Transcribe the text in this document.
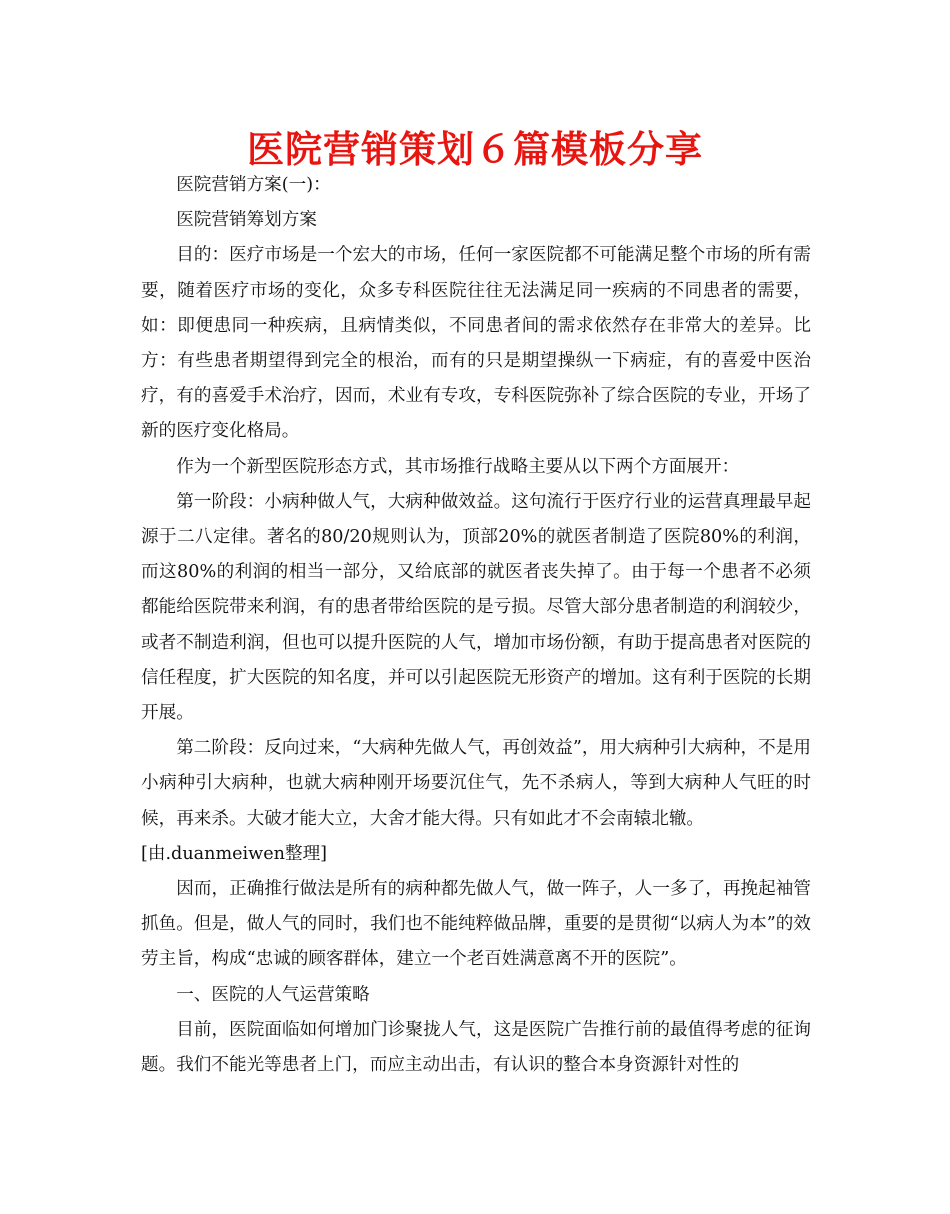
医院营销策划６篇模板分享

医院营销方案(一)：

医院营销筹划方案

目的：医疗市场是一个宏大的市场，任何一家医院都不可能满足整个市场的所有需要，随着医疗市场的变化，众多专科医院往往无法满足同一疾病的不同患者的需要，如：即便患同一种疾病，且病情类似，不同患者间的需求依然存在非常大的差异。比方：有些患者期望得到完全的根治，而有的只是期望操纵一下病症，有的喜爱中医治疗，有的喜爱手术治疗，因而，术业有专攻，专科医院弥补了综合医院的专业，开场了新的医疗变化格局。

作为一个新型医院形态方式，其市场推行战略主要从以下两个方面展开：

第一阶段：小病种做人气，大病种做效益。这句流行于医疗行业的运营真理最早起源于二八定律。著名的80/20规则认为，顶部20%的就医者制造了医院80%的利润，而这80%的利润的相当一部分，又给底部的就医者丧失掉了。由于每一个患者不必须都能给医院带来利润，有的患者带给医院的是亏损。尽管大部分患者制造的利润较少，或者不制造利润，但也可以提升医院的人气，增加市场份额，有助于提高患者对医院的信任程度，扩大医院的知名度，并可以引起医院无形资产的增加。这有利于医院的长期开展。

第二阶段：反向过来，“大病种先做人气，再创效益”，用大病种引大病种，不是用小病种引大病种，也就大病种刚开场要沉住气，先不杀病人，等到大病种人气旺的时候，再来杀。大破才能大立，大舍才能大得。只有如此才不会南辕北辙。

[由.duanmeiwen整理]

因而，正确推行做法是所有的病种都先做人气，做一阵子，人一多了，再挽起袖管抓鱼。但是，做人气的同时，我们也不能纯粹做品牌，重要的是贯彻“以病人为本”的效劳主旨，构成“忠诚的顾客群体，建立一个老百姓满意离不开的医院”。

一、医院的人气运营策略

目前，医院面临如何增加门诊聚拢人气，这是医院广告推行前的最值得考虑的征询题。我们不能光等患者上门，而应主动出击，有认识的整合本身资源针对性的
